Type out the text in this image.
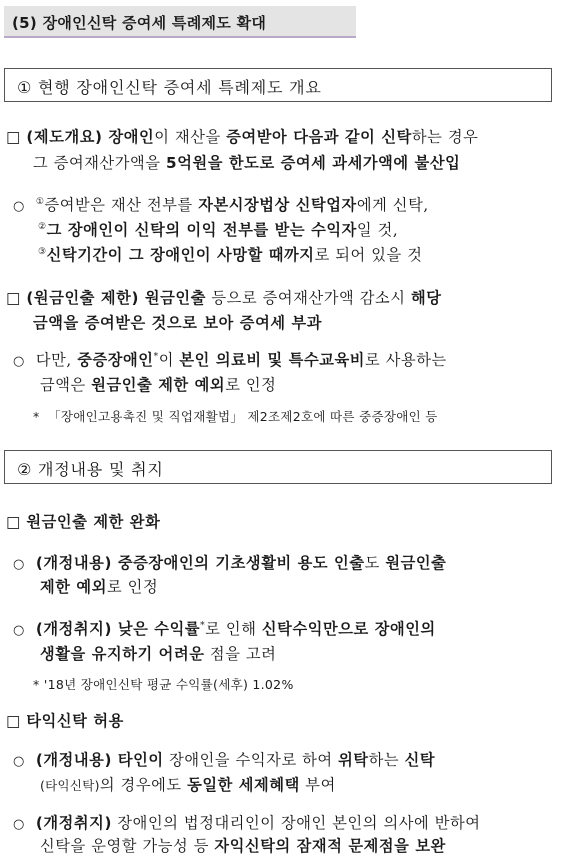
(5) 장애인신탁 증여세 특례제도 확대
① 현행 장애인신탁 증여세 특례제도 개요
□ (제도개요) 장애인이 재산을 증여받아 다음과 같이 신탁하는 경우
그 증여재산가액을 5억원을 한도로 증여세 과세가액에 불산입
○ ①증여받은 재산 전부를 자본시장법상 신탁업자에게 신탁,
②그 장애인이 신탁의 이익 전부를 받는 수익자일 것,
③신탁기간이 그 장애인이 사망할 때까지로 되어 있을 것
□ (원금인출 제한) 원금인출 등으로 증여재산가액 감소시 해당
금액을 증여받은 것으로 보아 증여세 부과
○ 다만, 중증장애인*이 본인 의료비 및 특수교육비로 사용하는
금액은 원금인출 제한 예외로 인정
* 「장애인고용촉진 및 직업재활법」 제2조제2호에 따른 중증장애인 등
② 개정내용 및 취지
□ 원금인출 제한 완화
○ (개정내용) 중증장애인의 기초생활비 용도 인출도 원금인출
제한 예외로 인정
○ (개정취지) 낮은 수익률*로 인해 신탁수익만으로 장애인의
생활을 유지하기 어려운 점을 고려
* '18년 장애인신탁 평균 수익률(세후) 1.02%
□ 타익신탁 허용
○ (개정내용) 타인이 장애인을 수익자로 하여 위탁하는 신탁
(타익신탁)의 경우에도 동일한 세제혜택 부여
○ (개정취지) 장애인의 법정대리인이 장애인 본인의 의사에 반하여
신탁을 운영할 가능성 등 자익신탁의 잠재적 문제점을 보완
